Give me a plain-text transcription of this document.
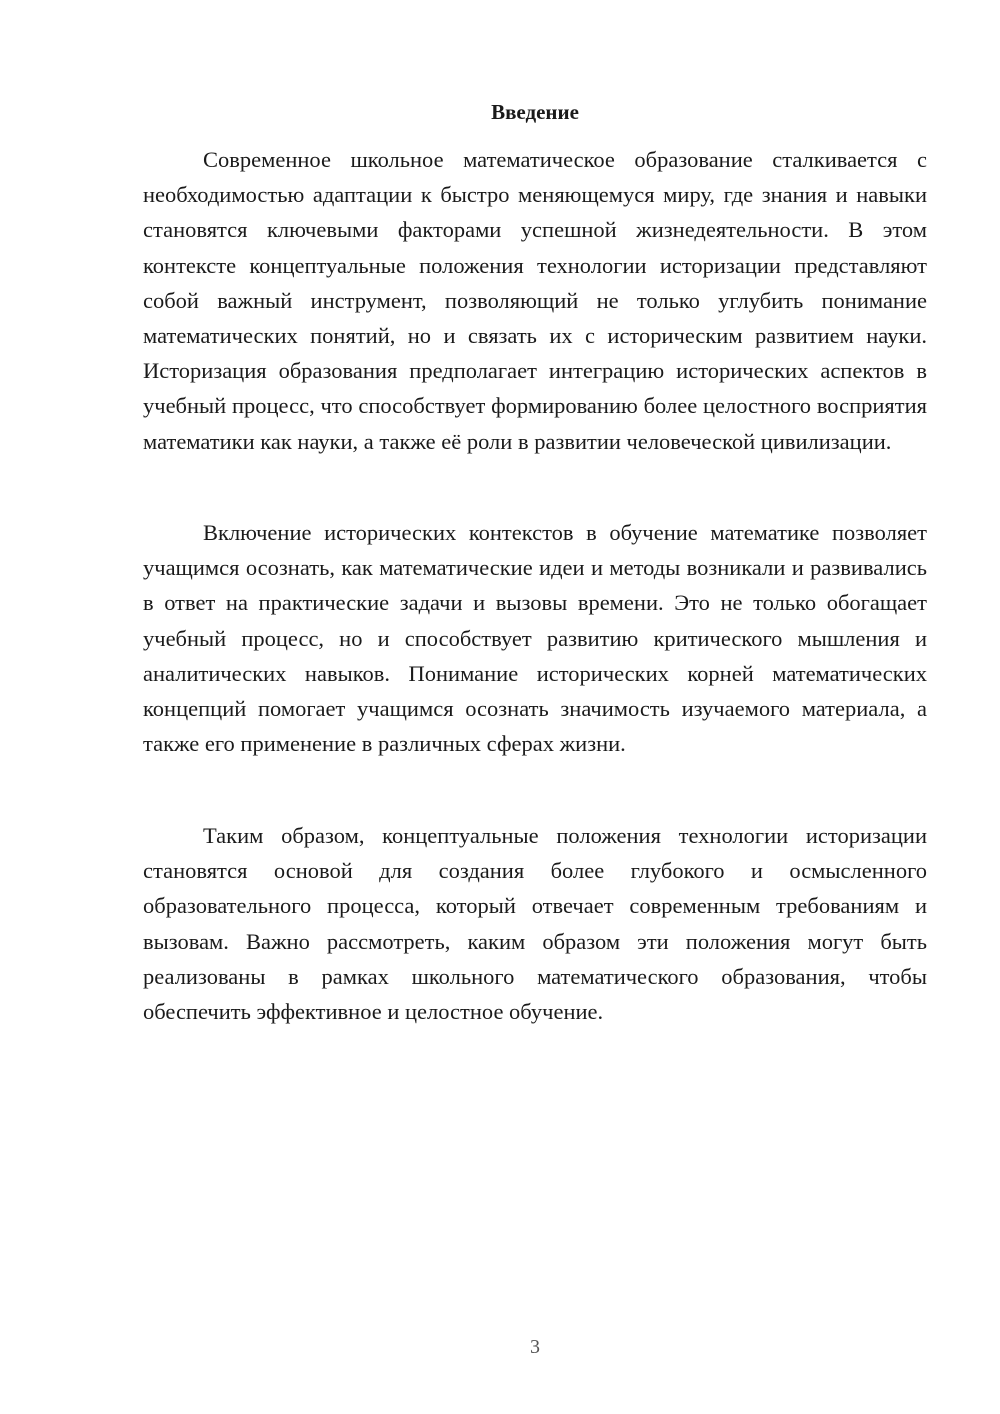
Введение

Современное школьное математическое образование сталкивается с необходимостью адаптации к быстро меняющемуся миру, где знания и навыки становятся ключевыми факторами успешной жизнедеятельности. В этом контексте концептуальные положения технологии историзации представляют собой важный инструмент, позволяющий не только углубить понимание математических понятий, но и связать их с историческим развитием науки. Историзация образования предполагает интеграцию исторических аспектов в учебный процесс, что способствует формированию более целостного восприятия математики как науки, а также её роли в развитии человеческой цивилизации.

Включение исторических контекстов в обучение математике позволяет учащимся осознать, как математические идеи и методы возникали и развивались в ответ на практические задачи и вызовы времени. Это не только обогащает учебный процесс, но и способствует развитию критического мышления и аналитических навыков. Понимание исторических корней математических концепций помогает учащимся осознать значимость изучаемого материала, а также его применение в различных сферах жизни.

Таким образом, концептуальные положения технологии историзации становятся основой для создания более глубокого и осмысленного образовательного процесса, который отвечает современным требованиям и вызовам. Важно рассмотреть, каким образом эти положения могут быть реализованы в рамках школьного математического образования, чтобы обеспечить эффективное и целостное обучение.

3
